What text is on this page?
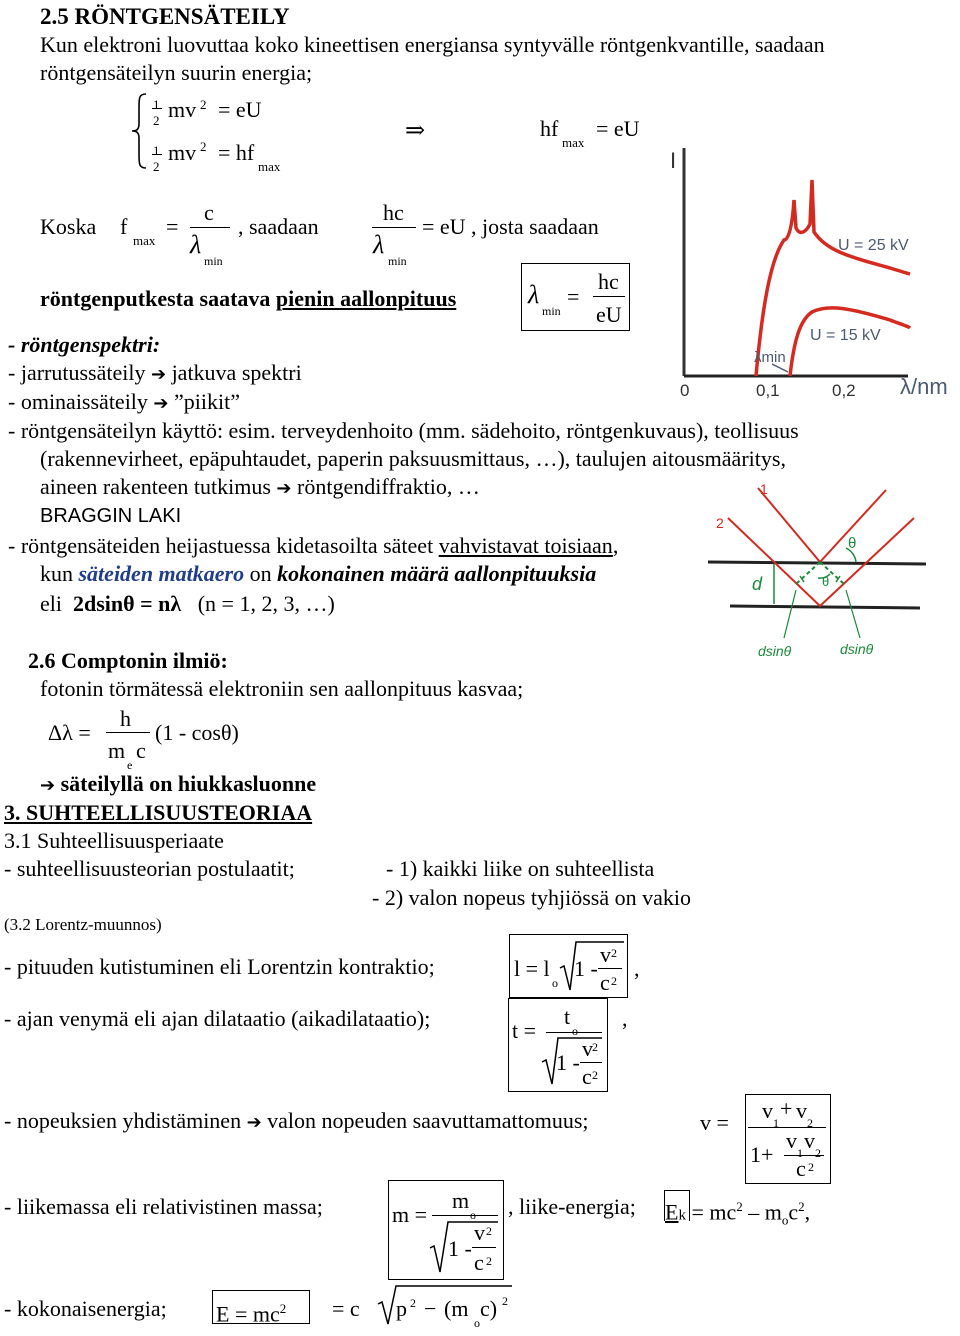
2.5 RÖNTGENSÄTEILY
Kun elektroni luovuttaa koko kineettisen energiansa syntyvälle röntgenkvantille, saadaan
röntgensäteilyn suurin energia;
1
2 mv 2 = eU
1
2
mv 2 = hf
max
⇒	hf
max
= eU
Koska f
max
=
c
λ
min
, saadaan
hc
λ
min
= eU , josta saadaan
röntgenputkesta saatava pienin aallonpituus	λ
min
=
hc
eU
- röntgenspektri:
- jarrutussäteily ➔ jatkuva spektri
- ominaissäteily ➔ ”piikit”
- röntgensäteilyn käyttö: esim. terveydenhoito (mm. sädehoito, röntgenkuvaus), teollisuus
(rakennevirheet, epäpuhtaudet, paperin paksuusmittaus, …), taulujen aitousmääritys,
aineen rakenteen tutkimus ➔ röntgendiffraktio, …
BRAGGIN LAKI
- röntgensäteiden heijastuessa kidetasoilta säteet vahvistavat toisiaan,
kun säteiden matkaero on kokonainen määrä aallonpituuksia
eli 2dsinθ = nλ (n = 1, 2, 3, …)
I
U = 25 kV
U = 15 kV
λmin
0	0,1	0,2 λ/nm
θ
θ
d
1
2
dsinθ	dsinθ
2.6 Comptonin ilmiö:
fotonin törmätessä elektroniin sen aallonpituus kasvaa;
Δλ =
h
m
e
c
(1 - cosθ)
➔ säteilyllä on hiukkasluonne
3. SUHTEELLISUUSTEORIAA
3.1 Suhteellisuusperiaate
- suhteellisuusteorian postulaatit;	- 1) kaikki liike on suhteellista
- 2) valon nopeus tyhjiössä on vakio
(3.2 Lorentz-muunnos)
- pituuden kutistuminen eli Lorentzin kontraktio;	l = l
o
1 -
v 2
c 2 ,
- ajan venymä eli ajan dilataatio (aikadilataatio);	t =
t
o
1 -
v 2
c 2
,
- nopeuksien yhdistäminen ➔ valon nopeuden saavuttamattomuus;	v = v 1
+ v 2
1+
v 1 v 2
c 2
- liikemassa eli relativistinen massa;	m =
m
o
1 -
v 2
c 2
, liike-energia; $Ek = mc^2 - m_oc^2$,
- kokonaisenergia; $E = mc^2 = c$ p 2 − (m
o
c) 2
